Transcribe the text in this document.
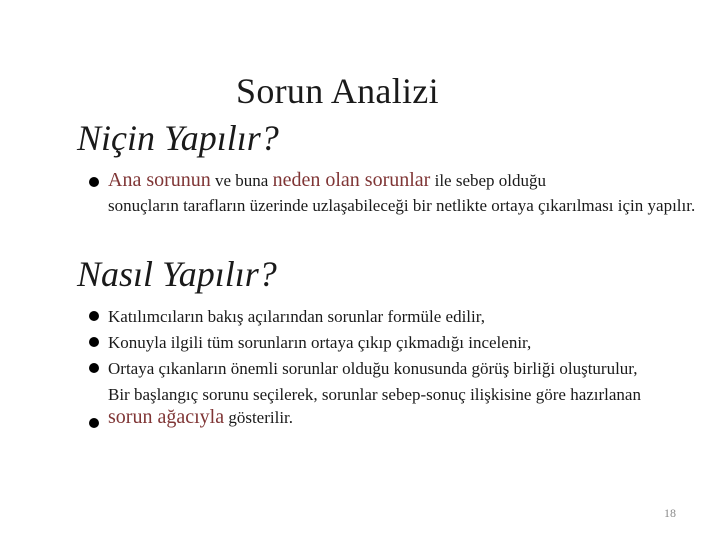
Sorun Analizi
Niçin Yapılır?
Ana sorunun ve buna neden olan sorunlar ile sebep olduğu
sonuçların tarafların üzerinde uzlaşabileceği bir netlikte ortaya çıkarılması için yapılır.
Nasıl Yapılır?

Katılımcıların bakış açılarından sorunlar formüle edilir,

Konuyla ilgili tüm sorunların ortaya çıkıp çıkmadığı incelenir,

Ortaya çıkanların önemli sorunlar olduğu konusunda görüş birliği oluşturulur,

Bir başlangıç sorunu seçilerek, sorunlar sebep-sonuç ilişkisine göre hazırlanan sorun ağacıyla gösterilir.

18
